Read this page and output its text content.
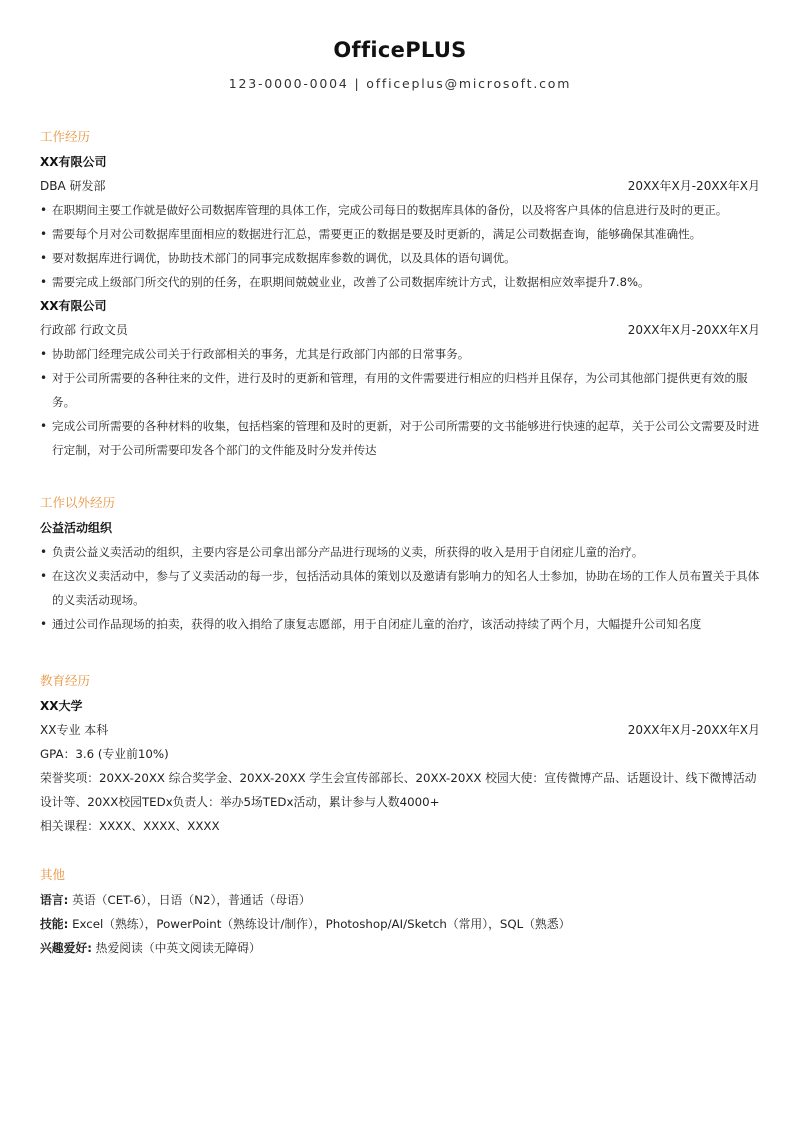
OfficePLUS
123-0000-0004 | officeplus@microsoft.com
工作经历
XX有限公司
DBA 研发部	20XX年X月-20XX年X月
• 在职期间主要工作就是做好公司数据库管理的具体工作，完成公司每日的数据库具体的备份，以及将客户具体的信息进行及时的更正。
• 需要每个月对公司数据库里面相应的数据进行汇总，需要更正的数据是要及时更新的，满足公司数据查询，能够确保其准确性。
• 要对数据库进行调优，协助技术部门的同事完成数据库参数的调优，以及具体的语句调优。
• 需要完成上级部门所交代的别的任务，在职期间兢兢业业，改善了公司数据库统计方式，让数据相应效率提升7.8%。
XX有限公司
行政部 行政文员	20XX年X月-20XX年X月
• 协助部门经理完成公司关于行政部相关的事务，尤其是行政部门内部的日常事务。
• 对于公司所需要的各种往来的文件，进行及时的更新和管理，有用的文件需要进行相应的归档并且保存，为公司其他部门提供更有效的服务。
• 完成公司所需要的各种材料的收集，包括档案的管理和及时的更新，对于公司所需要的文书能够进行快速的起草，关于公司公文需要及时进行定制，对于公司所需要印发各个部门的文件能及时分发并传达
工作以外经历
公益活动组织
• 负责公益义卖活动的组织，主要内容是公司拿出部分产品进行现场的义卖，所获得的收入是用于自闭症儿童的治疗。
• 在这次义卖活动中，参与了义卖活动的每一步，包括活动具体的策划以及邀请有影响力的知名人士参加，协助在场的工作人员布置关于具体的义卖活动现场。
• 通过公司作品现场的拍卖，获得的收入捐给了康复志愿部，用于自闭症儿童的治疗，该活动持续了两个月，大幅提升公司知名度
教育经历
XX大学
XX专业 本科	20XX年X月-20XX年X月
GPA：3.6 (专业前10%)
荣誉奖项：20XX-20XX 综合奖学金、20XX-20XX 学生会宣传部部长、20XX-20XX 校园大使：宣传微博产品、话题设计、线下微博活动设计等、20XX校园TEDx负责人：举办5场TEDx活动，累计参与人数4000+
相关课程：XXXX、XXXX、XXXX
其他
语言: 英语（CET-6），日语（N2），普通话（母语）
技能: Excel（熟练），PowerPoint（熟练设计/制作），Photoshop/AI/Sketch（常用），SQL（熟悉）
兴趣爱好: 热爱阅读（中英文阅读无障碍）
